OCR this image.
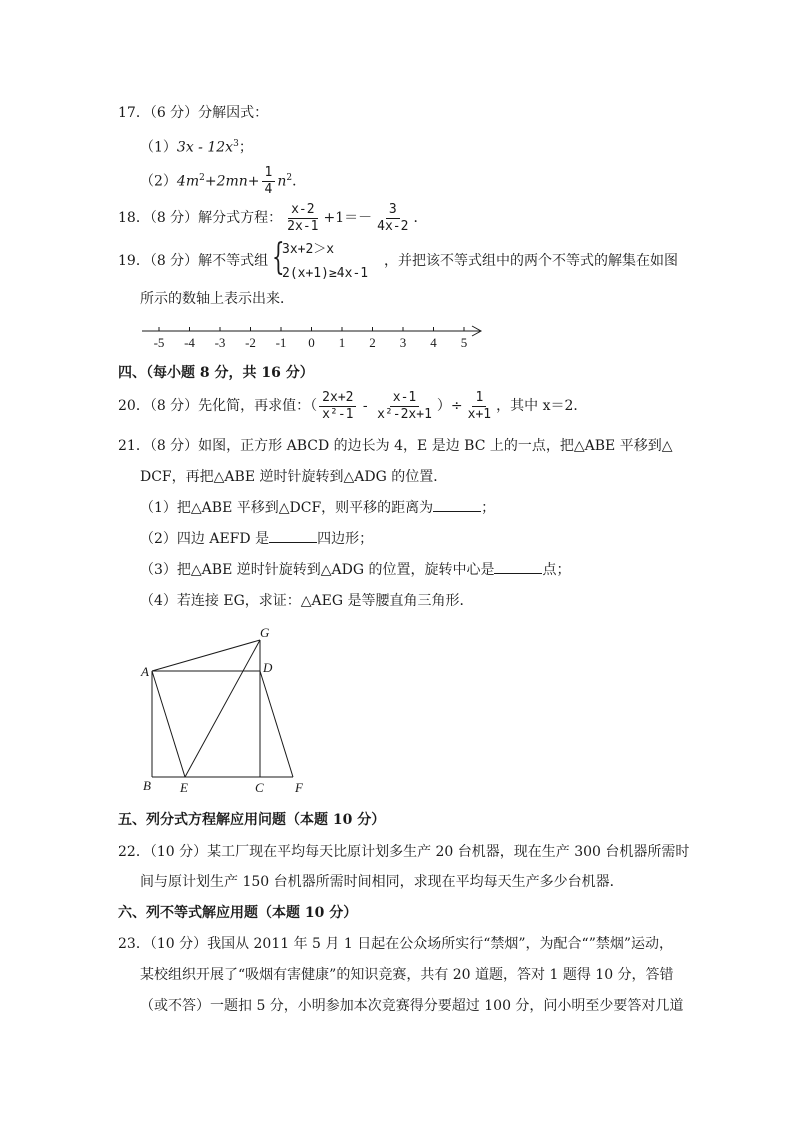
17．（6 分）分解因式：
$(1)3x - 12x^3$；
$(2)4m^2+2mn+ \frac{1}{4} n^2$．
18．（8 分）解分式方程： $\frac{x-2}{2x-1} +1=- \frac{3}{4x-2}$ ．
19．（8 分）解不等式组 {
3x+2＞x
2(x+1)≥4x-1
，并把该不等式组中的两个不等式的解集在如图
所示的数轴上表示出来．
-5 -4 -3 -2 -1 0 1 2 3 4 5
四、（每小题 8 分，共 16 分）
20．（8 分）先化简，再求值：（ $\frac{2x+2}{\text{x²-1}} - \frac{x-1}{\text{x²-2x+1}}$ ）÷ $\frac{1}{x+1}$ ，其中 x＝2．
21．（8 分）如图，正方形 ABCD 的边长为 4，E 是边 BC 上的一点，把△ABE 平移到△
DCF，再把△ABE 逆时针旋转到△ADG 的位置．
（1）把△ABE 平移到△DCF，则平移的距离为	；
（2）四边 AEFD 是	四边形；
（3）把△ABE 逆时针旋转到△ADG 的位置，旋转中心是	点；
（4）若连接 EG，求证：△AEG 是等腰直角三角形．
A
B E	C F
D
G
五、列分式方程解应用问题（本题 10 分）
22．（10 分）某工厂现在平均每天比原计划多生产 20 台机器，现在生产 300 台机器所需时
间与原计划生产 150 台机器所需时间相同，求现在平均每天生产多少台机器．
六、列不等式解应用题（本题 10 分）
23．（10 分）我国从 2011 年 5 月 1 日起在公众场所实行“禁烟”，为配合“”禁烟”运动，
某校组织开展了“吸烟有害健康”的知识竞赛，共有 20 道题，答对 1 题得 10 分，答错
（或不答）一题扣 5 分，小明参加本次竞赛得分要超过 100 分，问小明至少要答对几道
